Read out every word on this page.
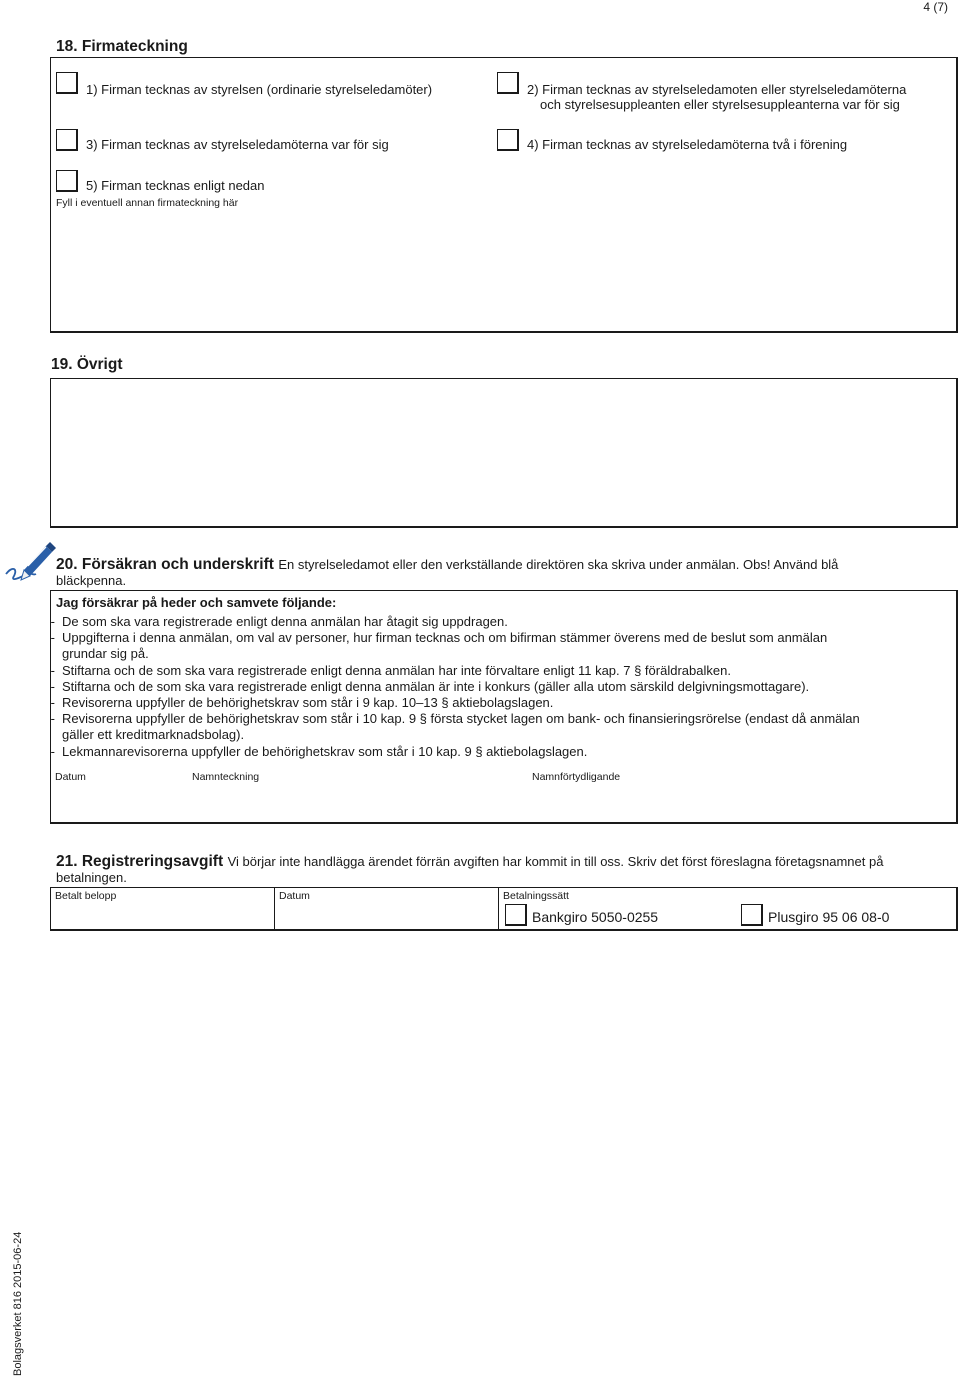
4 (7)
18. Firmateckning
1) Firman tecknas av styrelsen (ordinarie styrelseledamöter)	2) Firman tecknas av styrelseledamoten eller styrelseledamöterna
och styrelsesuppleanten eller styrelsesuppleanterna var för sig
3) Firman tecknas av styrelseledamöterna var för sig	4) Firman tecknas av styrelseledamöterna två i förening
5) Firman tecknas enligt nedan
Fyll i eventuell annan firmateckning här
19. Övrigt
20. Försäkran och underskrift En styrelseledamot eller den verkställande direktören ska skriva under anmälan. Obs! Använd blå
bläckpenna.
Jag försäkrar på heder och samvete följande:
- De som ska vara registrerade enligt denna anmälan har åtagit sig uppdragen.
- Uppgifterna i denna anmälan, om val av personer, hur firman tecknas och om bifirman stämmer överens med de beslut som anmälan
grundar sig på.
- Stiftarna och de som ska vara registrerade enligt denna anmälan har inte förvaltare enligt 11 kap. 7 § föräldrabalken.
- Stiftarna och de som ska vara registrerade enligt denna anmälan är inte i konkurs (gäller alla utom särskild delgivningsmottagare).
- Revisorerna uppfyller de behörighetskrav som står i 9 kap. 10–13 § aktiebolagslagen.
- Revisorerna uppfyller de behörighetskrav som står i 10 kap. 9 § första stycket lagen om bank- och finansieringsrörelse (endast då anmälan
gäller ett kreditmarknadsbolag).
- Lekmannarevisorerna uppfyller de behörighetskrav som står i 10 kap. 9 § aktiebolagslagen.
Datum	Namnteckning	Namnförtydligande
21. Registreringsavgift Vi börjar inte handlägga ärendet förrän avgiften har kommit in till oss. Skriv det först föreslagna företagsnamnet på
betalningen.
Betalt belopp	Datum	Betalningssätt
Bankgiro 5050-0255	Plusgiro 95 06 08-0
Bolagsverket 816 2015-06-24
